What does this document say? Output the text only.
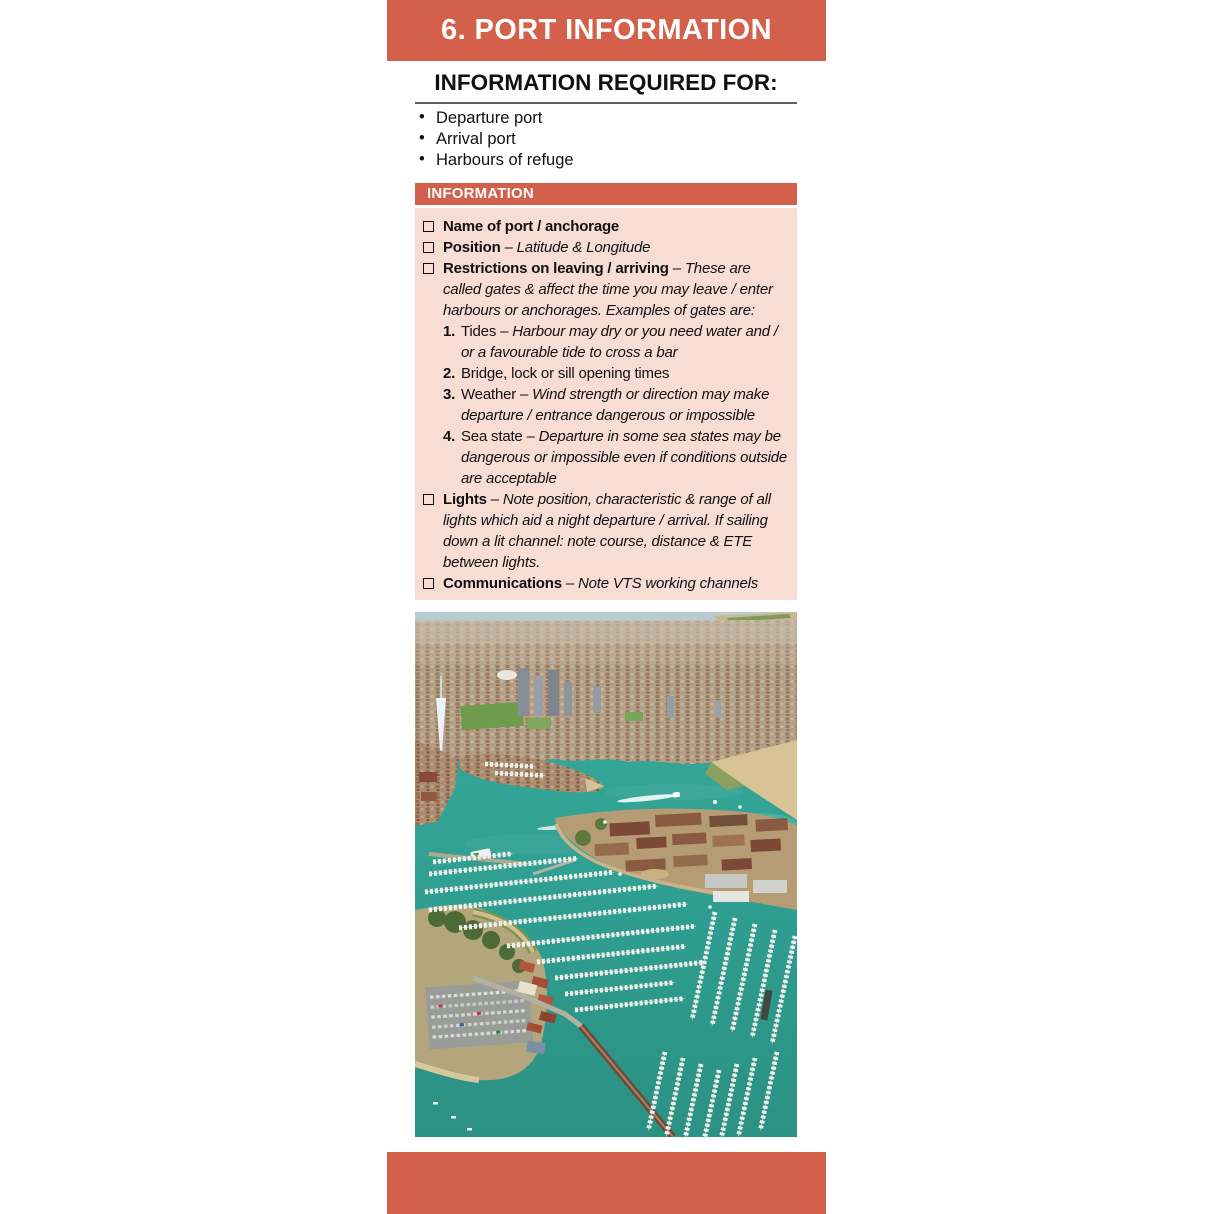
6. PORT INFORMATION
INFORMATION REQUIRED FOR:
• Departure port
• Arrival port
• Harbours of refuge
INFORMATION
Name of port / anchorage
Position – Latitude & Longitude
Restrictions on leaving / arriving – These are called gates & affect the time you may leave / enter harbours or anchorages. Examples of gates are:
1. Tides – Harbour may dry or you need water and / or a favourable tide to cross a bar
2. Bridge, lock or sill opening times
3. Weather – Wind strength or direction may make departure / entrance dangerous or impossible
4. Sea state – Departure in some sea states may be dangerous or impossible even if conditions outside are acceptable
Lights – Note position, characteristic & range of all lights which aid a night departure / arrival. If sailing down a lit channel: note course, distance & ETE between lights.
Communications – Note VTS working channels
